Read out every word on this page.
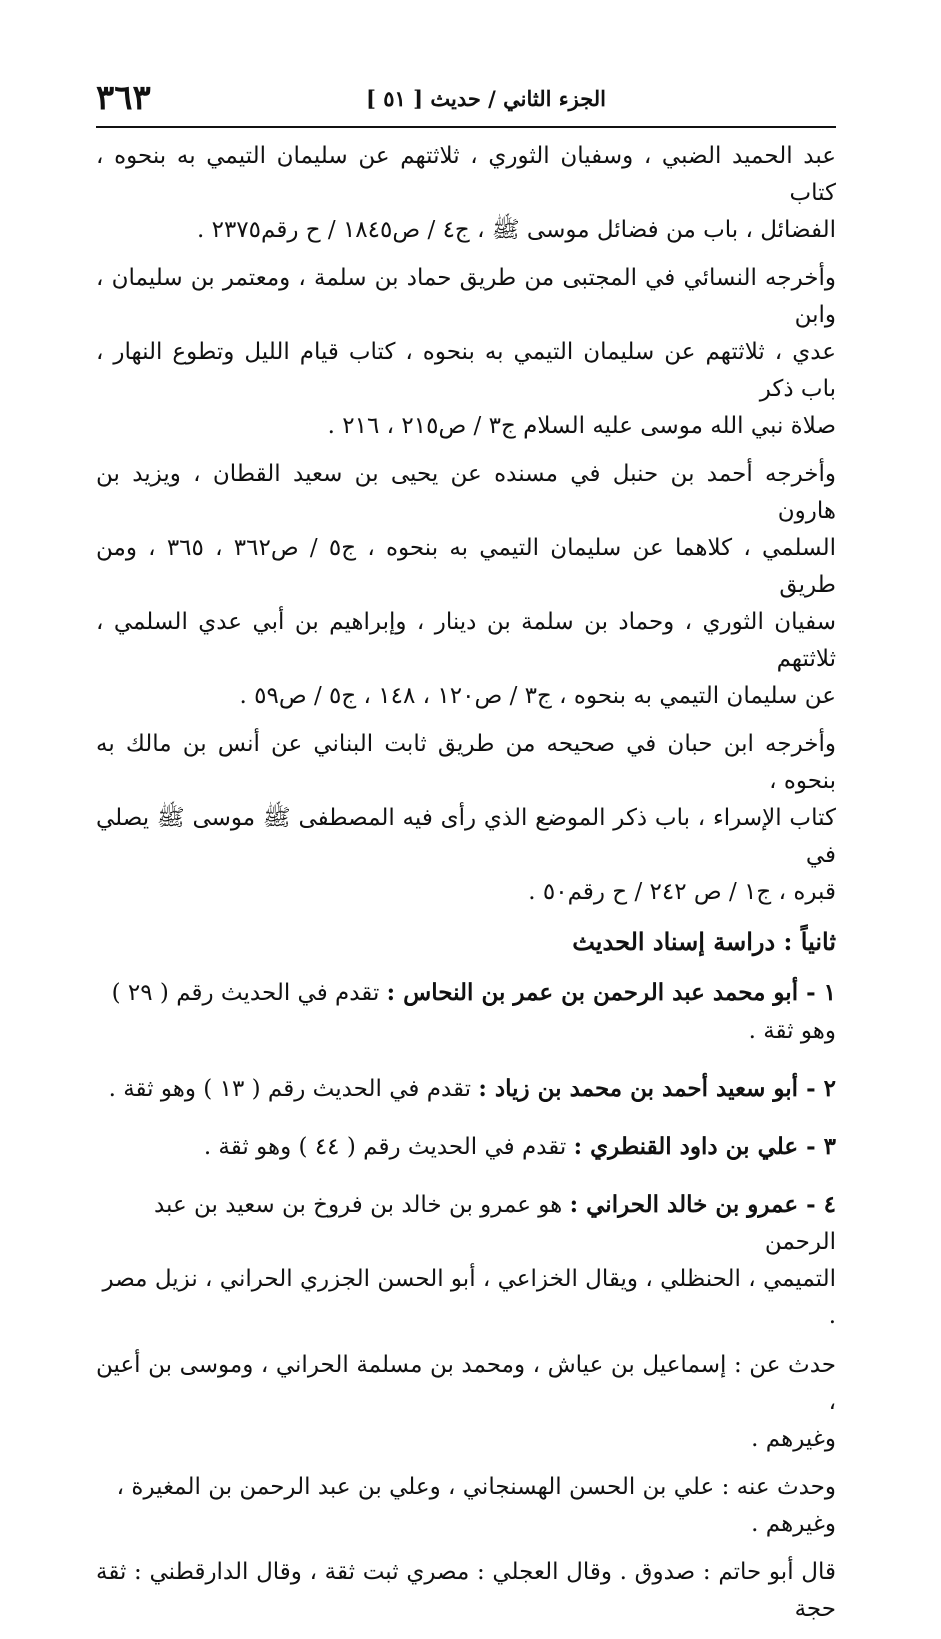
الجزء الثاني / حديث [ ٥١ ]
٣٦٣

عبد الحميد الضبي ، وسفيان الثوري ، ثلاثتهم عن سليمان التيمي به بنحوه ، كتاب
الفضائل ، باب من فضائل موسى ﷺ ، ج٤ / ص١٨٤٥ / ح رقم٢٣٧٥ .

وأخرجه النسائي في المجتبى من طريق حماد بن سلمة ، ومعتمر بن سليمان ، وابن
عدي ، ثلاثتهم عن سليمان التيمي به بنحوه ، كتاب قيام الليل وتطوع النهار ، باب ذكر
صلاة نبي الله موسى عليه السلام ج٣ / ص٢١٥ ، ٢١٦ .

وأخرجه أحمد بن حنبل في مسنده عن يحيى بن سعيد القطان ، ويزيد بن هارون
السلمي ، كلاهما عن سليمان التيمي به بنحوه ، ج٥ / ص٣٦٢ ، ٣٦٥ ، ومن طريق
سفيان الثوري ، وحماد بن سلمة بن دينار ، وإبراهيم بن أبي عدي السلمي ، ثلاثتهم
عن سليمان التيمي به بنحوه ، ج٣ / ص١٢٠ ، ١٤٨ ، ج٥ / ص٥٩ .

وأخرجه ابن حبان في صحيحه من طريق ثابت البناني عن أنس بن مالك به بنحوه ،
كتاب الإسراء ، باب ذكر الموضع الذي رأى فيه المصطفى ﷺ موسى ﷺ يصلي في
قبره ، ج١ / ص ٢٤٢ / ح رقم٥٠ .

ثانياً : دراسة إسناد الحديث
١ - أبو محمد عبد الرحمن بن عمر بن النحاس : تقدم في الحديث رقم ( ٢٩ ) وهو ثقة .
٢ - أبو سعيد أحمد بن محمد بن زياد : تقدم في الحديث رقم ( ١٣ ) وهو ثقة .
٣ - علي بن داود القنطري : تقدم في الحديث رقم ( ٤٤ ) وهو ثقة .
٤ - عمرو بن خالد الحراني : هو عمرو بن خالد بن فروخ بن سعيد بن عبد الرحمن
التميمي ، الحنظلي ، ويقال الخزاعي ، أبو الحسن الجزري الحراني ، نزيل مصر .

حدث عن : إسماعيل بن عياش ، ومحمد بن مسلمة الحراني ، وموسى بن أعين ،
وغيرهم .

وحدث عنه : علي بن الحسن الهسنجاني ، وعلي بن عبد الرحمن بن المغيرة ،
وغيرهم .

قال أبو حاتم : صدوق . وقال العجلي : مصري ثبت ثقة ، وقال الدارقطني : ثقة حجة
